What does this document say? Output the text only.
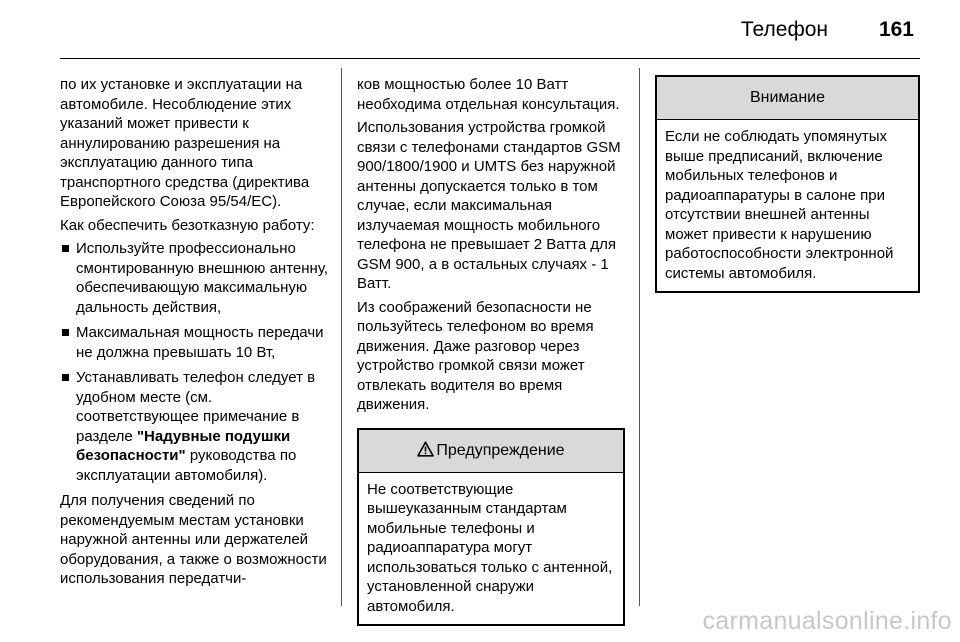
Телефон 161

по их установке и эксплуатации на автомобиле. Несоблюдение этих указаний может привести к аннулированию разрешения на эксплуатацию данного типа транспортного средства (директива Европейского Союза 95/54/EC).

Как обеспечить безотказную работу:

Используйте профессионально смонтированную внешнюю антенну, обеспечивающую максимальную дальность действия,
Максимальная мощность передачи не должна превышать 10 Вт,
Устанавливать телефон следует в удобном месте (см. соответствующее примечание в разделе "Надувные подушки безопасности" руководства по эксплуатации автомобиля).

Для получения сведений по рекомендуемым местам установки наружной антенны или держателей оборудования, а также о возможности использования передатчи-

ков мощностью более 10 Ватт необходима отдельная консультация.

Использования устройства громкой связи с телефонами стандартов GSM 900/1800/1900 и UMTS без наружной антенны допускается только в том случае, если максимальная излучаемая мощность мобильного телефона не превышает 2 Ватта для GSM 900, а в остальных случаях - 1 Ватт.

Из соображений безопасности не пользуйтесь телефоном во время движения. Даже разговор через устройство громкой связи может отвлекать водителя во время движения.

Предупреждение
Не соответствующие вышеуказанным стандартам мобильные телефоны и радиоаппаратура могут использоваться только с антенной, установленной снаружи автомобиля.
Внимание
Если не соблюдать упомянутых выше предписаний, включение мобильных телефонов и радиоаппаратуры в салоне при отсутствии внешней антенны может привести к нарушению работоспособности электронной системы автомобиля.
carmanualsonline.info
